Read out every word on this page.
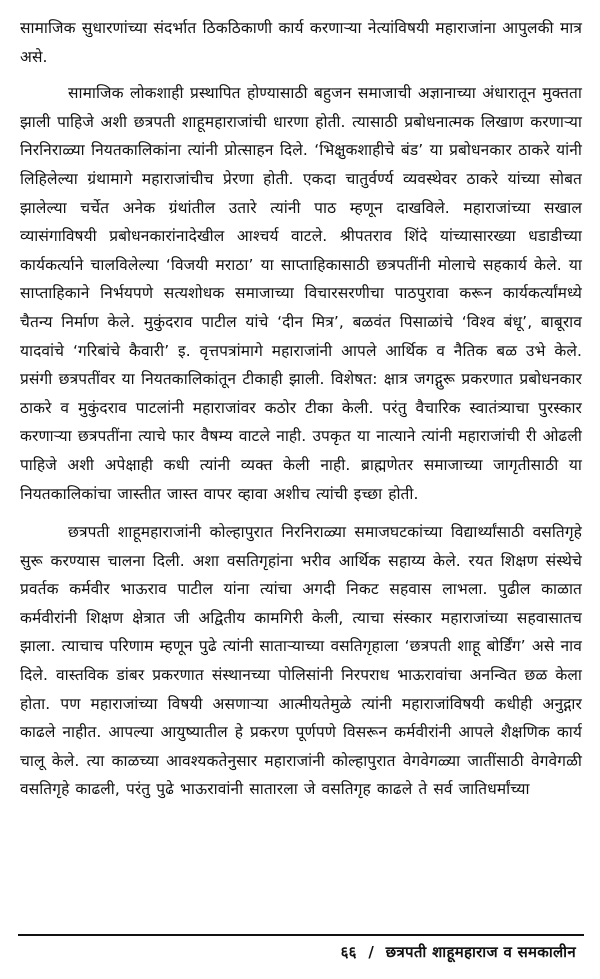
सामाजिक सुधारणांच्या संदर्भात ठिकठिकाणी कार्य करणाऱ्या नेत्यांविषयी महाराजांना आपुलकी मात्र असे.

सामाजिक लोकशाही प्रस्थापित होण्यासाठी बहुजन समाजाची अज्ञानाच्या अंधारातून मुक्तता झाली पाहिजे अशी छत्रपती शाहूमहाराजांची धारणा होती. त्यासाठी प्रबोधनात्मक लिखाण करणाऱ्या निरनिराळ्या नियतकालिकांना त्यांनी प्रोत्साहन दिले. ‘भिक्षुकशाहीचे बंड’ या प्रबोधनकार ठाकरे यांनी लिहिलेल्या ग्रंथामागे महाराजांचीच प्रेरणा होती. एकदा चातुर्वर्ण्य व्यवस्थेवर ठाकरे यांच्या सोबत झालेल्या चर्चेत अनेक ग्रंथांतील उतारे त्यांनी पाठ म्हणून दाखविले. महाराजांच्या सखाल व्यासंगाविषयी प्रबोधनकारांनादेखील आश्चर्य वाटले. श्रीपतराव शिंदे यांच्यासारख्या धडाडीच्या कार्यकर्त्याने चालविलेल्या ‘विजयी मराठा’ या साप्ताहिकासाठी छत्रपतींनी मोलाचे सहकार्य केले. या साप्ताहिकाने निर्भयपणे सत्यशोधक समाजाच्या विचारसरणीचा पाठपुरावा करून कार्यकर्त्यांमध्ये चैतन्य निर्माण केले. मुकुंदराव पाटील यांचे ‘दीन मित्र’, बळवंत पिसाळांचे ‘विश्व बंधू’, बाबूराव यादवांचे ‘गरिबांचे कैवारी’ इ. वृत्तपत्रांमागे महाराजांनी आपले आर्थिक व नैतिक बळ उभे केले. प्रसंगी छत्रपतींवर या नियतकालिकांतून टीकाही झाली. विशेषत: क्षात्र जगद्गुरू प्रकरणात प्रबोधनकार ठाकरे व मुकुंदराव पाटलांनी महाराजांवर कठोर टीका केली. परंतु वैचारिक स्वातंत्र्याचा पुरस्कार करणाऱ्या छत्रपतींना त्याचे फार वैषम्य वाटले नाही. उपकृत या नात्याने त्यांनी महाराजांची री ओढली पाहिजे अशी अपेक्षाही कधी त्यांनी व्यक्त केली नाही. ब्राह्मणेतर समाजाच्या जागृतीसाठी या नियतकालिकांचा जास्तीत जास्त वापर व्हावा अशीच त्यांची इच्छा होती.

छत्रपती शाहूमहाराजांनी कोल्हापुरात निरनिराळ्या समाजघटकांच्या विद्यार्थ्यांसाठी वसतिगृहे सुरू करण्यास चालना दिली. अशा वसतिगृहांना भरीव आर्थिक सहाय्य केले. रयत शिक्षण संस्थेचे प्रवर्तक कर्मवीर भाऊराव पाटील यांना त्यांचा अगदी निकट सहवास लाभला. पुढील काळात कर्मवीरांनी शिक्षण क्षेत्रात जी अद्वितीय कामगिरी केली, त्याचा संस्कार महाराजांच्या सहवासातच झाला. त्याचाच परिणाम म्हणून पुढे त्यांनी साताऱ्याच्या वसतिगृहाला ‘छत्रपती शाहू बोर्डिंग’ असे नाव दिले. वास्तविक डांबर प्रकरणात संस्थानच्या पोलिसांनी निरपराध भाऊरावांचा अनन्वित छळ केला होता. पण महाराजांच्या विषयी असणाऱ्या आत्मीयतेमुळे त्यांनी महाराजांविषयी कधीही अनुद्गार काढले नाहीत. आपल्या आयुष्यातील हे प्रकरण पूर्णपणे विसरून कर्मवीरांनी आपले शैक्षणिक कार्य चालू केले. त्या काळच्या आवश्यकतेनुसार महाराजांनी कोल्हापुरात वेगवेगळ्या जातींसाठी वेगवेगळी वसतिगृहे काढली, परंतु पुढे भाऊरावांनी सातारला जे वसतिगृह काढले ते सर्व जातिधर्मांच्या

६६ / छत्रपती शाहूमहाराज व समकालीन
